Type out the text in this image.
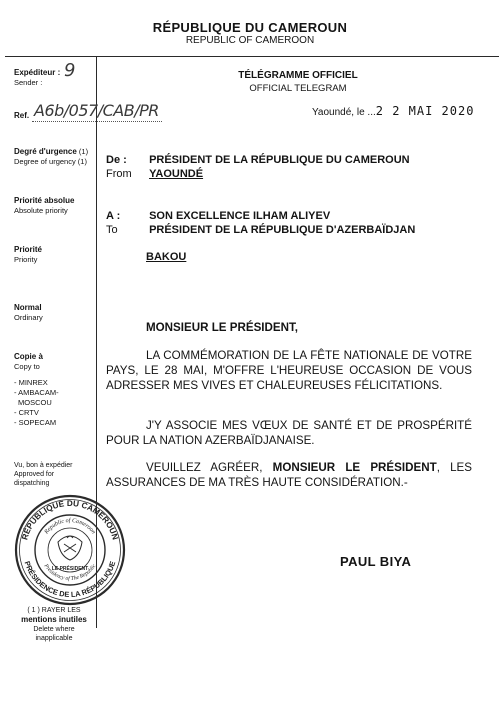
RÉPUBLIQUE DU CAMEROUN
REPUBLIC OF CAMEROON
Expéditeur :
Sender :
9
Ref. A6b/057/CAB/PR
Degré d'urgence (1)
Degree of urgency (1)
Priorité absolue
Absolute priority
Priorité
Priority
Normal
Ordinary
Copie à
Copy to
- MINREX
- AMBACAM-
MOSCOU
- CRTV
- SOPECAM
Vu, bon à expédier
Approved for
dispatching
( 1 ) RAYER LES
mentions inutiles
Delete where
inapplicable
RÉPUBLIQUE DU CAMEROUN
PRÉSIDENCE DE LA RÉPUBLIQUE
Republic of Cameroon
Presidency of The Republic
LE PRÉSIDENT
TÉLÉGRAMME OFFICIEL
OFFICIAL TELEGRAM
Yaoundé, le ...2 2 MAI 2020
De : PRÉSIDENT DE LA RÉPUBLIQUE DU CAMEROUN
From YAOUNDÉ
A :	SON EXCELLENCE ILHAM ALIYEV
To	PRÉSIDENT DE LA RÉPUBLIQUE D'AZERBAÏDJAN
BAKOU
MONSIEUR LE PRÉSIDENT,

LA COMMÉMORATION DE LA FÊTE NATIONALE DE VOTRE PAYS, LE 28 MAI, M'OFFRE L'HEUREUSE OCCASION DE VOUS ADRESSER MES VIVES ET CHALEUREUSES FÉLICITATIONS.

J'Y ASSOCIE MES VŒUX DE SANTÉ ET DE PROSPÉRITÉ POUR LA NATION AZERBAÏDJANAISE.

VEUILLEZ AGRÉER, MONSIEUR LE PRÉSIDENT, LES ASSURANCES DE MA TRÈS HAUTE CONSIDÉRATION.-

PAUL BIYA
